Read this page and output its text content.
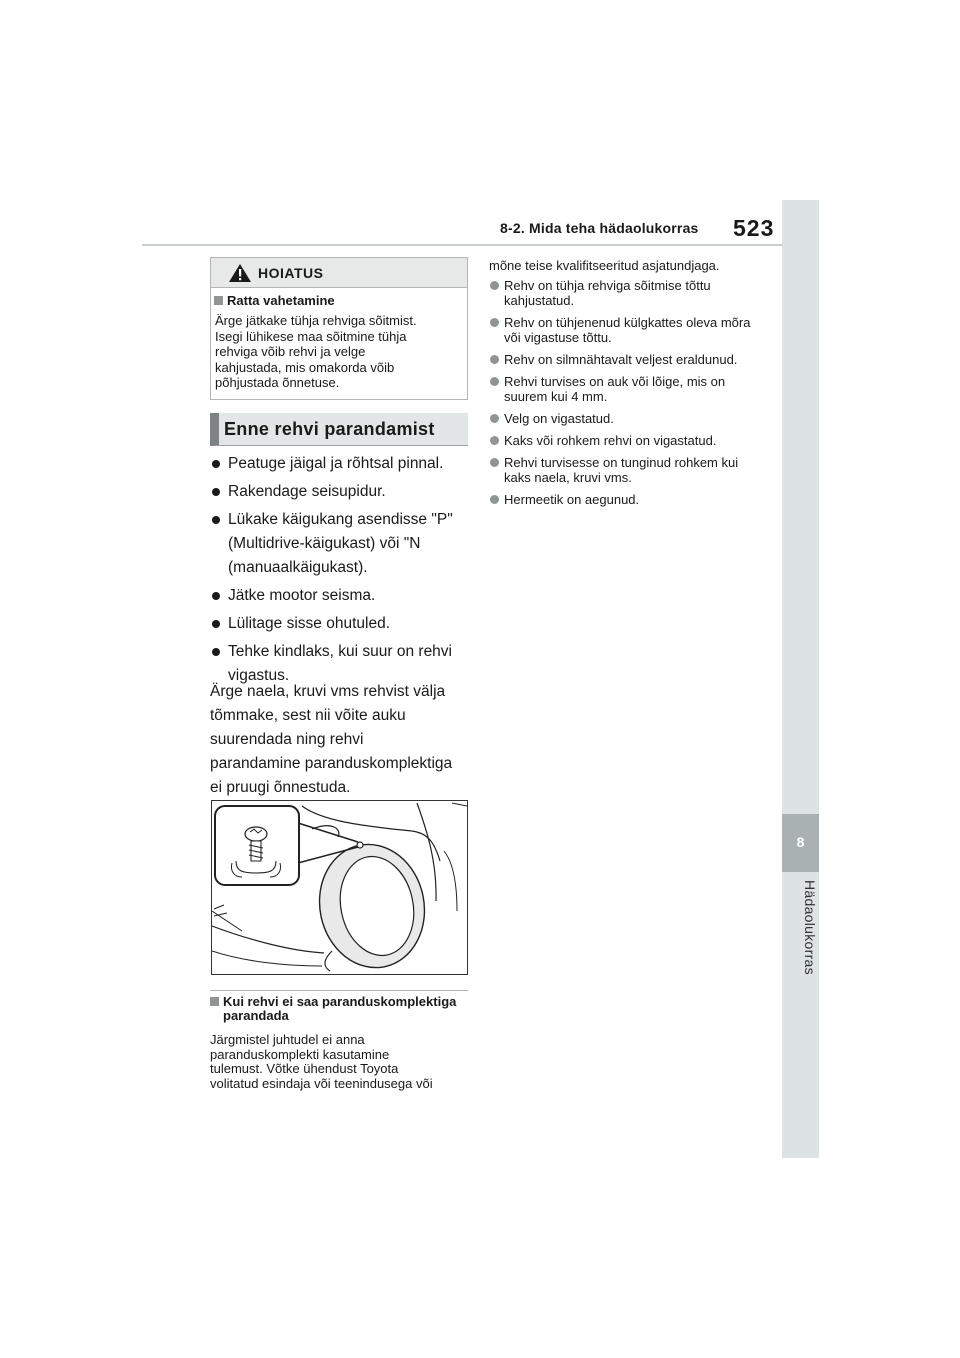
8-2. Mida teha hädaolukorras 523
8
Hädaolukorras
HOIATUS
Ratta vahetamine
Ärge jätkake tühja rehviga sõitmist.
Isegi lühikese maa sõitmine tühja
rehviga võib rehvi ja velge
kahjustada, mis omakorda võib
põhjustada õnnetuse.
Enne rehvi parandamist
Peatuge jäigal ja rõhtsal pinnal.
Rakendage seisupidur.
Lükake käigukang asendisse "P" (Multidrive-käigukast) või "N (manuaalkäigukast).
Jätke mootor seisma.
Lülitage sisse ohutuled.
Tehke kindlaks, kui suur on rehvi vigastus.
Ärge naela, kruvi vms rehvist välja
tõmmake, sest nii võite auku
suurendada ning rehvi
parandamine paranduskomplektiga
ei pruugi õnnestuda.
Kui rehvi ei saa paranduskomplektiga parandada
Järgmistel juhtudel ei anna
paranduskomplekti kasutamine
tulemust. Võtke ühendust Toyota
volitatud esindaja või teenindusega või
mõne teise kvalifitseeritud asjatundjaga.
Rehv on tühja rehviga sõitmise tõttu kahjustatud.
Rehv on tühjenenud külgkattes oleva mõra või vigastuse tõttu.
Rehv on silmnähtavalt veljest eraldunud.
Rehvi turvises on auk või lõige, mis on suurem kui 4 mm.
Velg on vigastatud.
Kaks või rohkem rehvi on vigastatud.
Rehvi turvisesse on tunginud rohkem kui kaks naela, kruvi vms.
Hermeetik on aegunud.
